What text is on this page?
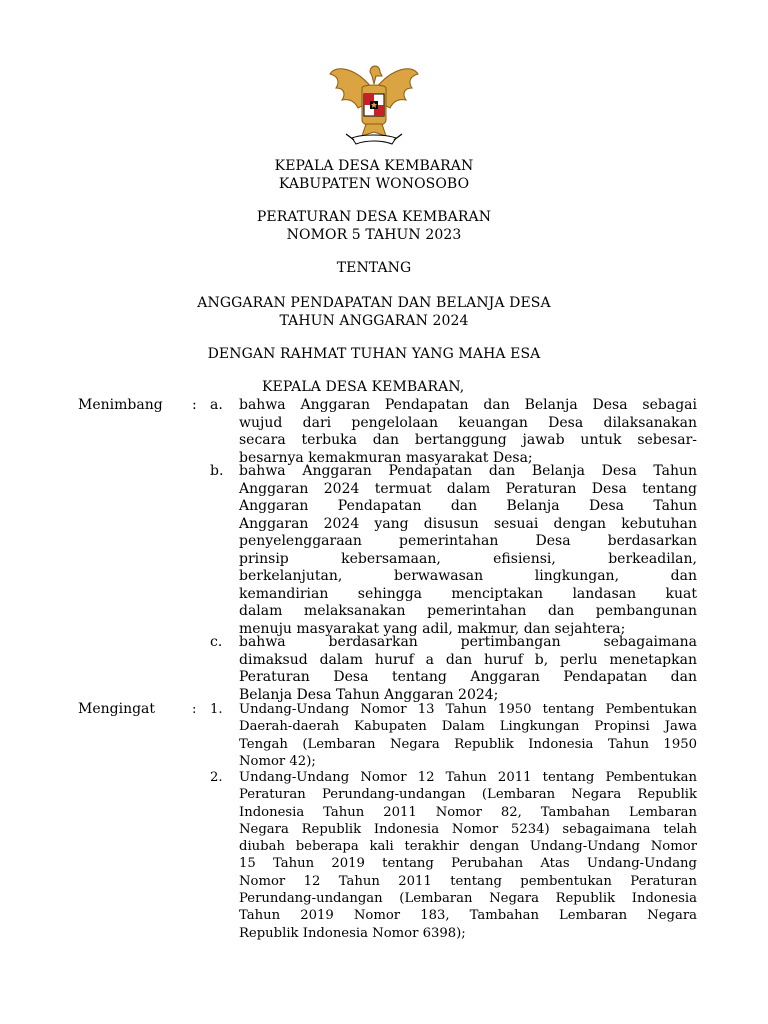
KEPALA DESA KEMBARAN
KABUPATEN WONOSOBO
PERATURAN DESA KEMBARAN
NOMOR 5 TAHUN 2023
TENTANG
ANGGARAN PENDAPATAN DAN BELANJA DESA
TAHUN ANGGARAN 2024
DENGAN RAHMAT TUHAN YANG MAHA ESA
KEPALA DESA KEMBARAN,
Menimbang : a. bahwa Anggaran Pendapatan dan Belanja Desa sebagai
wujud dari pengelolaan keuangan Desa dilaksanakan
secara terbuka dan bertanggung jawab untuk sebesar-
besarnya kemakmuran masyarakat Desa;
b. bahwa Anggaran Pendapatan dan Belanja Desa Tahun
Anggaran 2024 termuat dalam Peraturan Desa tentang
Anggaran Pendapatan dan Belanja Desa Tahun
Anggaran 2024 yang disusun sesuai dengan kebutuhan
penyelenggaraan pemerintahan Desa berdasarkan
prinsip kebersamaan, efisiensi, berkeadilan,
berkelanjutan, berwawasan lingkungan, dan
kemandirian sehingga menciptakan landasan kuat
dalam melaksanakan pemerintahan dan pembangunan
menuju masyarakat yang adil, makmur, dan sejahtera;
c. bahwa berdasarkan pertimbangan sebagaimana
dimaksud dalam huruf a dan huruf b, perlu menetapkan
Peraturan Desa tentang Anggaran Pendapatan dan
Belanja Desa Tahun Anggaran 2024;
Mengingat	: 1. Undang-Undang Nomor 13 Tahun 1950 tentang Pembentukan
Daerah-daerah Kabupaten Dalam Lingkungan Propinsi Jawa
Tengah (Lembaran Negara Republik Indonesia Tahun 1950
Nomor 42);
2. Undang-Undang Nomor 12 Tahun 2011 tentang Pembentukan
Peraturan Perundang-undangan (Lembaran Negara Republik
Indonesia Tahun 2011 Nomor 82, Tambahan Lembaran
Negara Republik Indonesia Nomor 5234) sebagaimana telah
diubah beberapa kali terakhir dengan Undang-Undang Nomor
15 Tahun 2019 tentang Perubahan Atas Undang-Undang
Nomor 12 Tahun 2011 tentang pembentukan Peraturan
Perundang-undangan (Lembaran Negara Republik Indonesia
Tahun 2019 Nomor 183, Tambahan Lembaran Negara
Republik Indonesia Nomor 6398);
